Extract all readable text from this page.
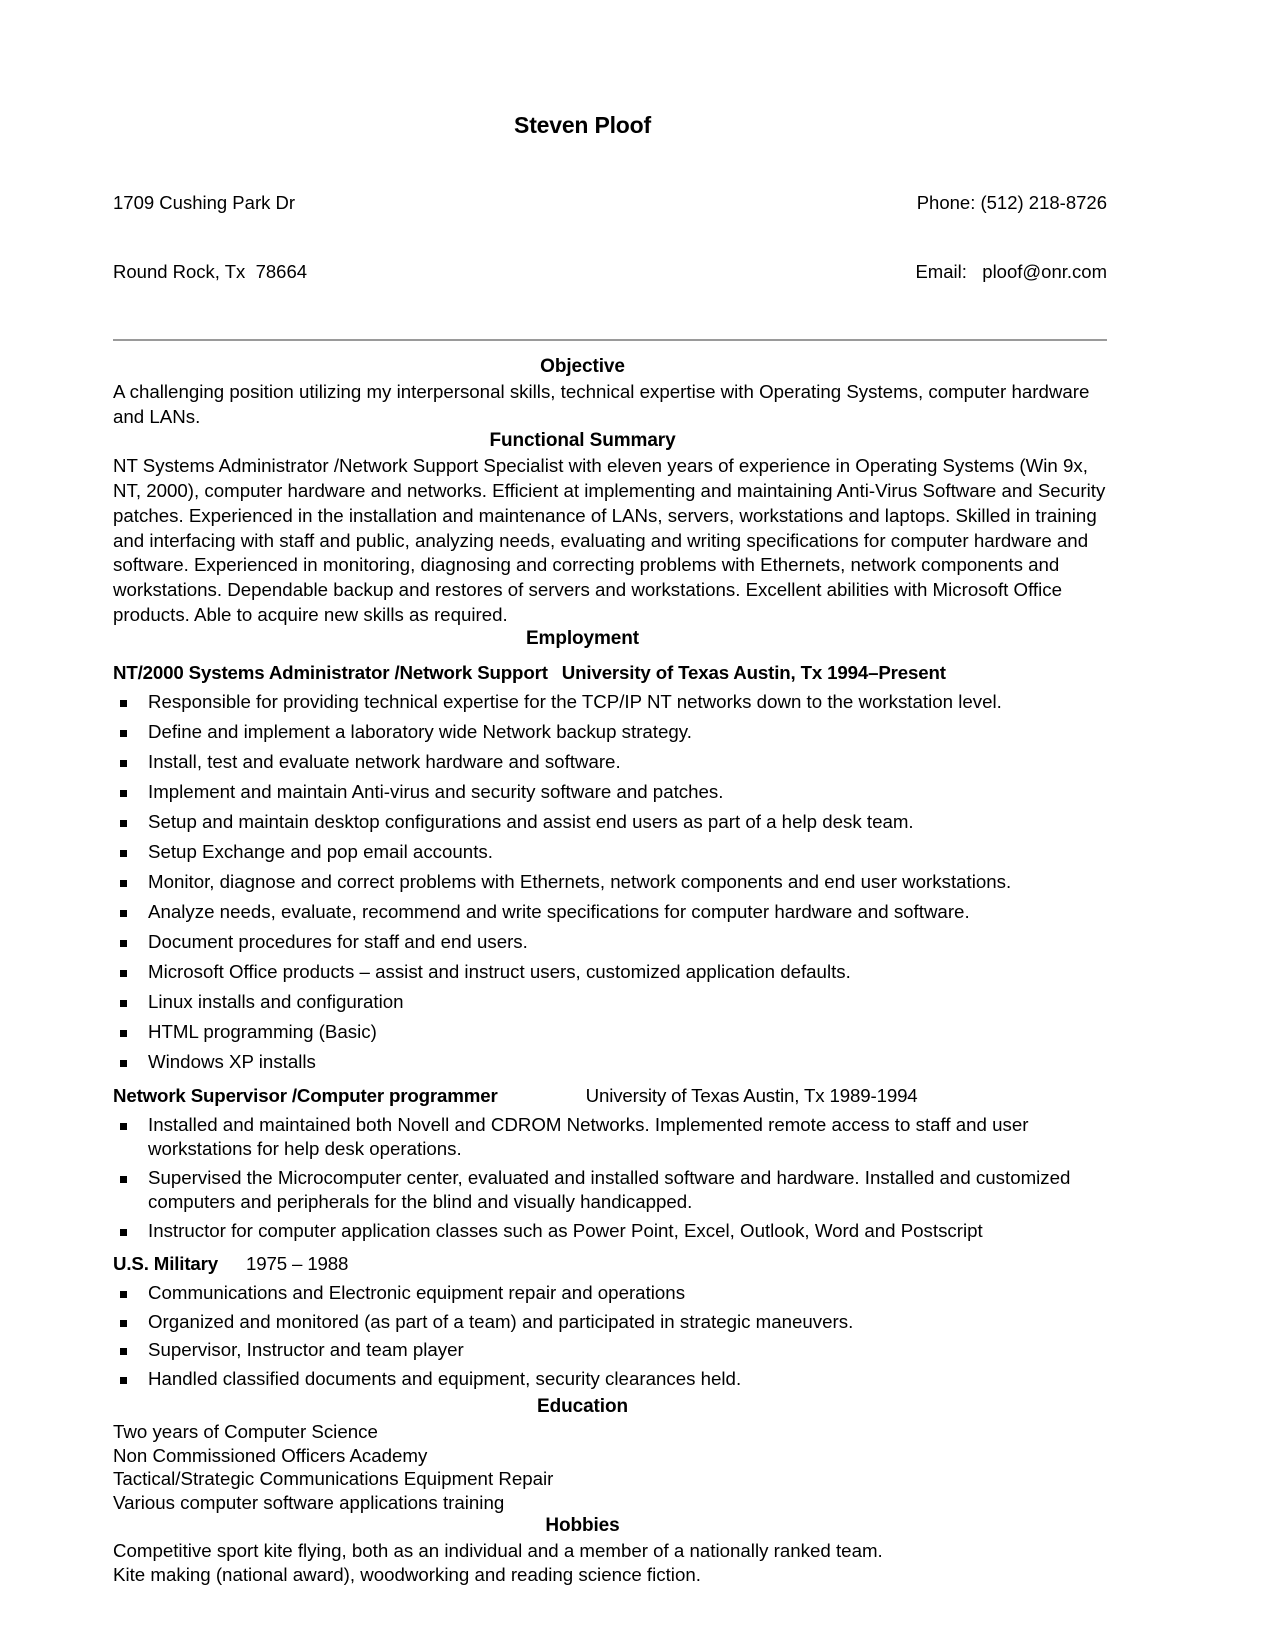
Steven Ploof

1709 Cushing Park Dr

Round Rock, Tx  78664

Phone: (512) 218-8726

Email:   ploof@onr.com

Objective

A challenging position utilizing my interpersonal skills, technical expertise with Operating Systems, computer hardware and LANs.

Functional Summary

NT Systems Administrator /Network Support Specialist with eleven years of experience in Operating Systems (Win 9x, NT, 2000), computer hardware and networks. Efficient at implementing and maintaining Anti-Virus Software and Security patches. Experienced in the installation and maintenance of LANs, servers, workstations and laptops. Skilled in training and interfacing with staff and public, analyzing needs, evaluating and writing specifications for computer hardware and software. Experienced in monitoring, diagnosing and correcting problems with Ethernets, network components and workstations. Dependable backup and restores of servers and workstations. Excellent abilities with Microsoft Office products. Able to acquire new skills as required.

Employment
NT/2000 Systems Administrator /Network Support University of Texas Austin, Tx 1994–Present
Responsible for providing technical expertise for the TCP/IP NT networks down to the workstation level.
Define and implement a laboratory wide Network backup strategy.
Install, test and evaluate network hardware and software.
Implement and maintain Anti-virus and security software and patches.
Setup and maintain desktop configurations and assist end users as part of a help desk team.
Setup Exchange and pop email accounts.
Monitor, diagnose and correct problems with Ethernets, network components and end user workstations.
Analyze needs, evaluate, recommend and write specifications for computer hardware and software.
Document procedures for staff and end users.
Microsoft Office products – assist and instruct users, customized application defaults.
Linux installs and configuration
HTML programming (Basic)
Windows XP installs
Network Supervisor /Computer programmer	University of Texas Austin, Tx 1989-1994
Installed and maintained both Novell and CDROM Networks. Implemented remote access to staff and user workstations for help desk operations.
Supervised the Microcomputer center, evaluated and installed software and hardware. Installed and customized computers and peripherals for the blind and visually handicapped.
Instructor for computer application classes such as Power Point, Excel, Outlook, Word and Postscript
U.S. Military 1975 – 1988
Communications and Electronic equipment repair and operations
Organized and monitored (as part of a team) and participated in strategic maneuvers.
Supervisor, Instructor and team player
Handled classified documents and equipment, security clearances held.
Education
Two years of Computer Science
Non Commissioned Officers Academy
Tactical/Strategic Communications Equipment Repair
Various computer software applications training
Hobbies
Competitive sport kite flying, both as an individual and a member of a nationally ranked team.
Kite making (national award), woodworking and reading science fiction.
